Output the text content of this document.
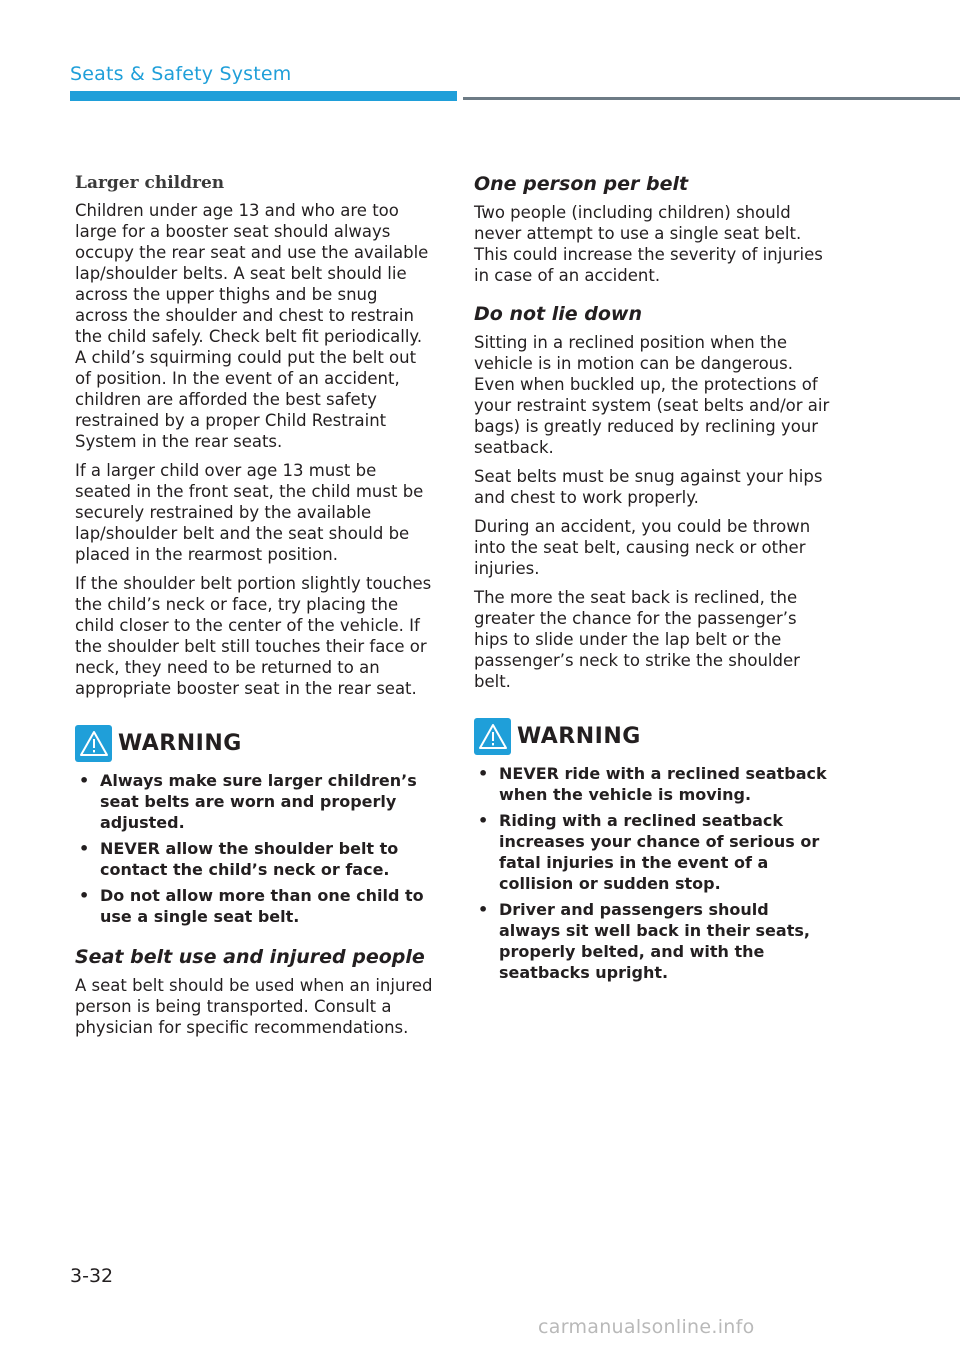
Seats & Safety System
Larger children

Children under age 13 and who are too large for a booster seat should always occupy the rear seat and use the available lap/shoulder belts. A seat belt should lie across the upper thighs and be snug across the shoulder and chest to restrain the child safely. Check belt fit periodically. A child’s squirming could put the belt out of position. In the event of an accident, children are afforded the best safety restrained by a proper Child Restraint System in the rear seats.

If a larger child over age 13 must be seated in the front seat, the child must be securely restrained by the available lap/shoulder belt and the seat should be placed in the rearmost position.

If the shoulder belt portion slightly touches the child’s neck or face, try placing the child closer to the center of the vehicle. If the shoulder belt still touches their face or neck, they need to be returned to an appropriate booster seat in the rear seat.

WARNING
• Always make sure larger children’s seat belts are worn and properly adjusted.
• NEVER allow the shoulder belt to contact the child’s neck or face.
• Do not allow more than one child to use a single seat belt.
Seat belt use and injured people

A seat belt should be used when an injured person is being transported. Consult a physician for specific recommendations.

One person per belt

Two people (including children) should never attempt to use a single seat belt. This could increase the severity of injuries in case of an accident.

Do not lie down

Sitting in a reclined position when the vehicle is in motion can be dangerous. Even when buckled up, the protections of your restraint system (seat belts and/or air bags) is greatly reduced by reclining your seatback.

Seat belts must be snug against your hips and chest to work properly.

During an accident, you could be thrown into the seat belt, causing neck or other injuries.

The more the seat back is reclined, the greater the chance for the passenger’s hips to slide under the lap belt or the passenger’s neck to strike the shoulder belt.

WARNING
• NEVER ride with a reclined seatback when the vehicle is moving.
• Riding with a reclined seatback increases your chance of serious or fatal injuries in the event of a collision or sudden stop.
• Driver and passengers should always sit well back in their seats, properly belted, and with the seatbacks upright.
3-32
carmanualsonline.info
